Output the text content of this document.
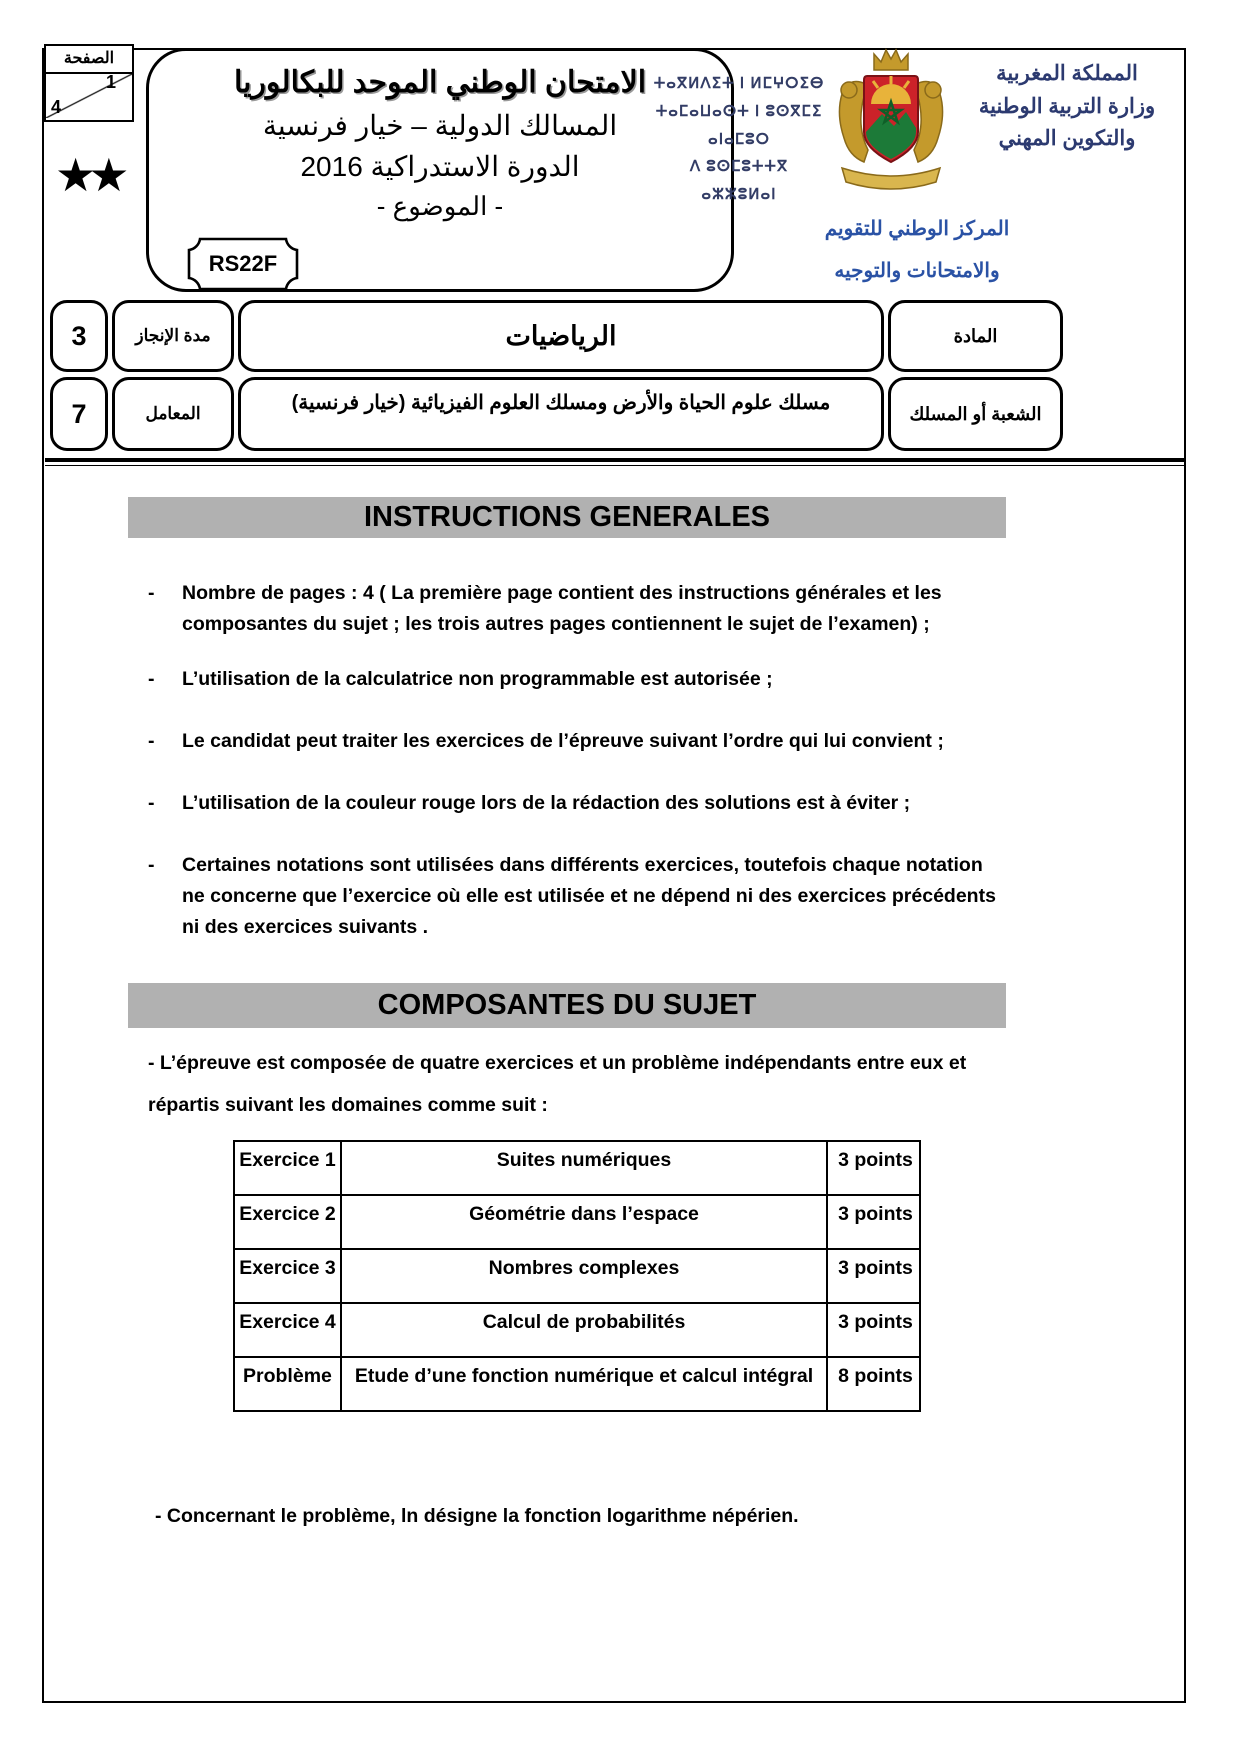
الصفحة
1
4
★★
الامتحان الوطني الموحد للبكالوريا
المسالك الدولية – خيار فرنسية
الدورة الاستدراكية 2016
- الموضوع -
RS22F
ⵜⴰⴳⵍⴷⵉⵜ ⵏ ⵍⵎⵖⵔⵉⴱ
ⵜⴰⵎⴰⵡⴰⵙⵜ ⵏ ⵓⵙⴳⵎⵉ ⴰⵏⴰⵎⵓⵔ
ⴷ ⵓⵙⵎⵓⵜⵜⴳ ⴰⵣⵣⵓⵍⴰⵏ
المملكة المغربية
وزارة التربية الوطنية
والتكوين المهني
المركز الوطني للتقويم
والامتحانات والتوجيه
3	مدة الإنجاز	الرياضيات	المادة
7	المعامل	مسلك علوم الحياة والأرض ومسلك العلوم الفيزيائية (خيار فرنسية)	الشعبة أو المسلك
INSTRUCTIONS GENERALES
-	Nombre de pages : 4 ( La première page contient des instructions générales et les composantes du sujet ; les trois autres pages contiennent le sujet de l’examen) ;
-	L’utilisation de la calculatrice non programmable est autorisée ;
-	Le candidat peut traiter les exercices de l’épreuve suivant l’ordre qui lui convient ;
-	L’utilisation de la couleur rouge lors de la rédaction des solutions est à éviter ;
-	Certaines notations sont utilisées dans différents exercices, toutefois chaque notation ne concerne que l’exercice où elle est utilisée et ne dépend ni des exercices précédents ni des exercices suivants .
COMPOSANTES DU SUJET

- L’épreuve est composée de quatre exercices et un problème indépendants entre eux et répartis suivant les domaines comme suit :

Exercice 1	Suites numériques	3 points
Exercice 2	Géométrie dans l’espace	3 points
Exercice 3	Nombres complexes	3 points
Exercice 4	Calcul de probabilités	3 points
Problème	Etude d’une fonction numérique et calcul intégral	8 points

- Concernant le problème, ln désigne la fonction logarithme népérien.
